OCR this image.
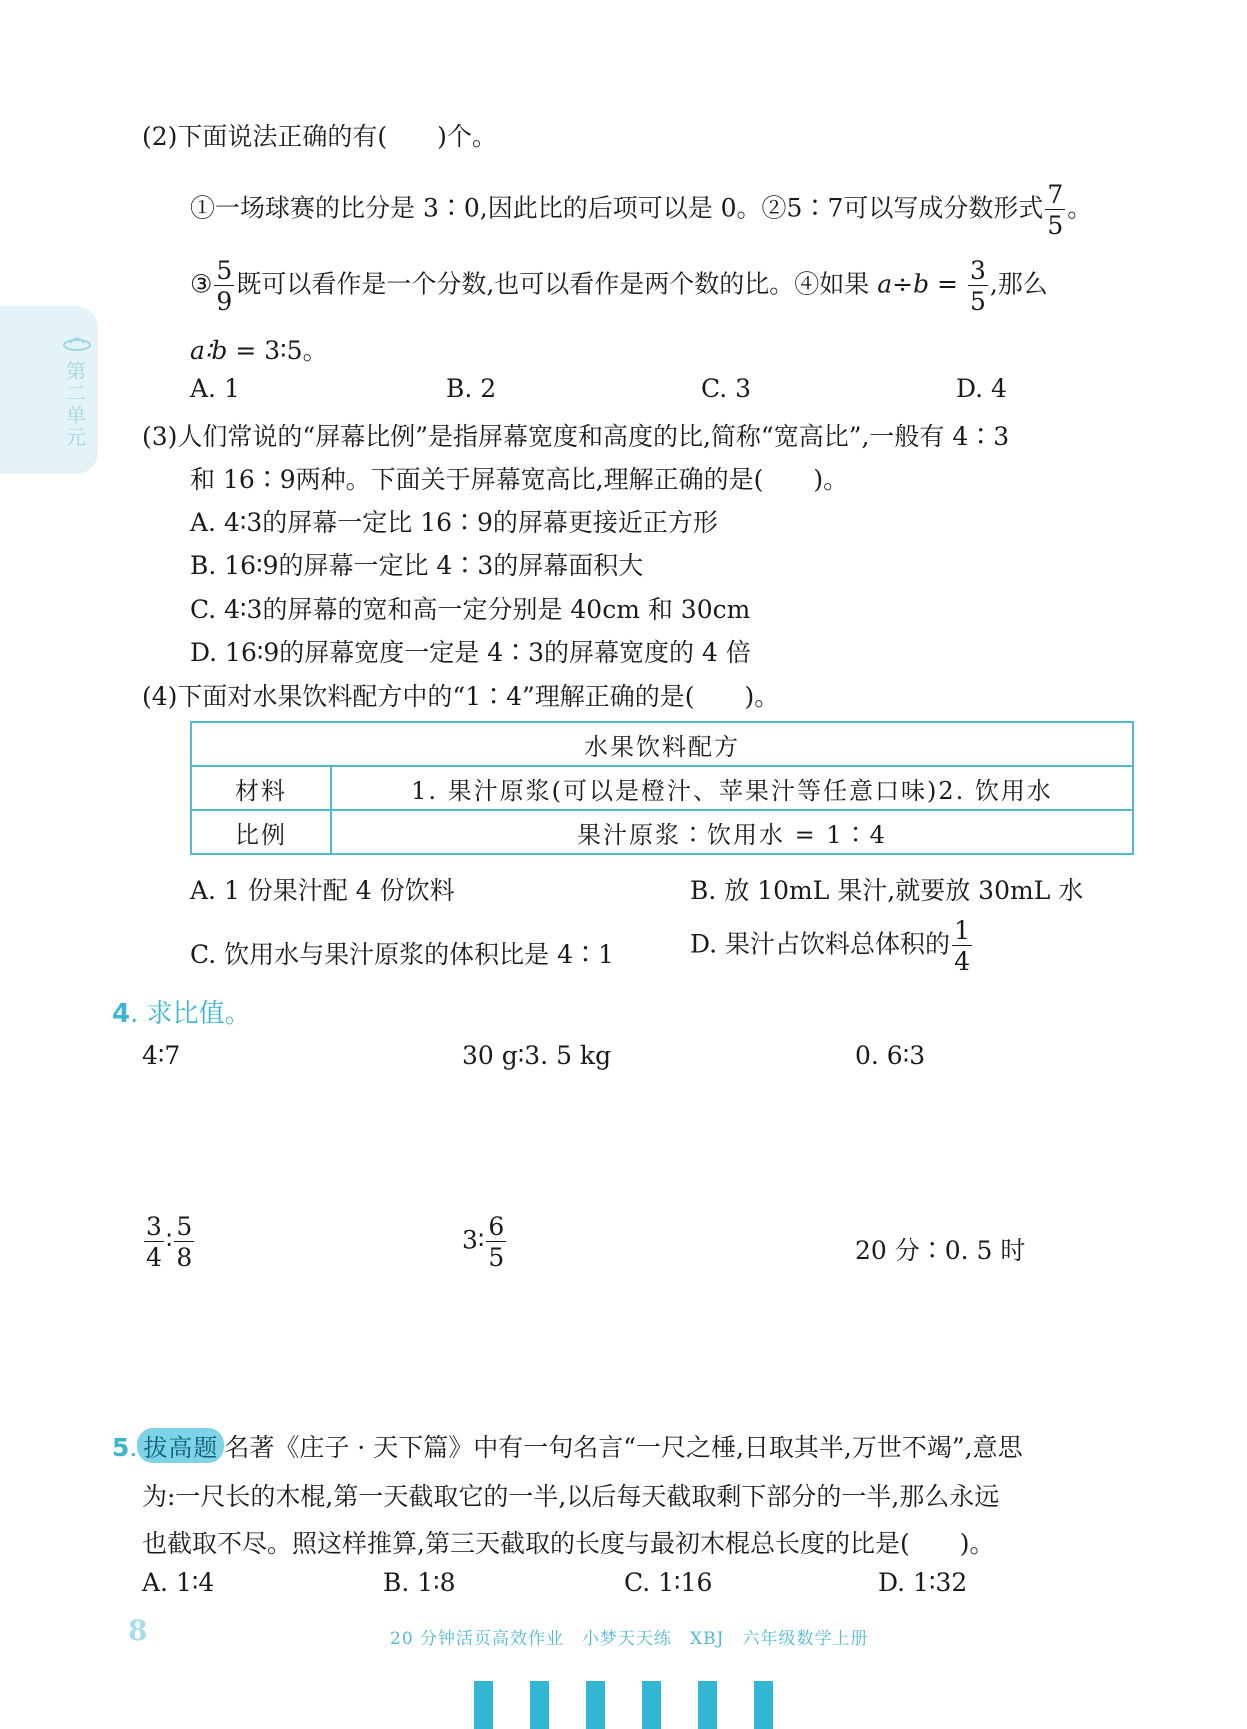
第二单元
(2)下面说法正确的有(　　)个。
①一场球赛的比分是 3∶0,因此比的后项可以是 0。②5∶7可以写成分数形式 $\frac{7}{5}$ 。
③ $\frac{5}{9}$ 既可以看作是一个分数,也可以看作是两个数的比。④如果 $a\div b = \frac{3}{5}$ ,那么
a∶b = 3∶5。
A. 1	B. 2	C. 3	D. 4
(3)人们常说的“屏幕比例”是指屏幕宽度和高度的比,简称“宽高比”,一般有 4∶3
和 16∶9两种。下面关于屏幕宽高比,理解正确的是(　　)。
A. 4∶3的屏幕一定比 16∶9的屏幕更接近正方形
B. 16∶9的屏幕一定比 4∶3的屏幕面积大
C. 4∶3的屏幕的宽和高一定分别是 40cm 和 30cm
D. 16∶9的屏幕宽度一定是 4∶3的屏幕宽度的 4 倍
(4)下面对水果饮料配方中的“1∶4”理解正确的是(　　)。
水果饮料配方	
材料	1. 果汁原浆(可以是橙汁、苹果汁等任意口味)2. 饮用水
比例	果汁原浆∶饮用水 = 1∶4
A. 1 份果汁配 4 份饮料	B. 放 10mL 果汁,就要放 30mL 水
C. 饮用水与果汁原浆的体积比是 4∶1	D. 果汁占饮料总体积的 $\frac{1}{4}$
4. 求比值。
4∶7	30 g∶3. 5 kg	0. 6∶3
$\frac{3}{4}$ ∶ $\frac{5}{8}$	3∶ $\frac{6}{5}$	20 分∶0. 5 时
5. 拔高题 名著《庄子 · 天下篇》中有一句名言“一尺之棰,日取其半,万世不竭”,意思
为:一尺长的木棍,第一天截取它的一半,以后每天截取剩下部分的一半,那么永远
也截取不尽。照这样推算,第三天截取的长度与最初木棍总长度的比是(　　)。
A. 1∶4	B. 1∶8	C. 1∶16	D. 1∶32
8	20 分钟活页高效作业　小梦天天练　XBJ　六年级数学上册
